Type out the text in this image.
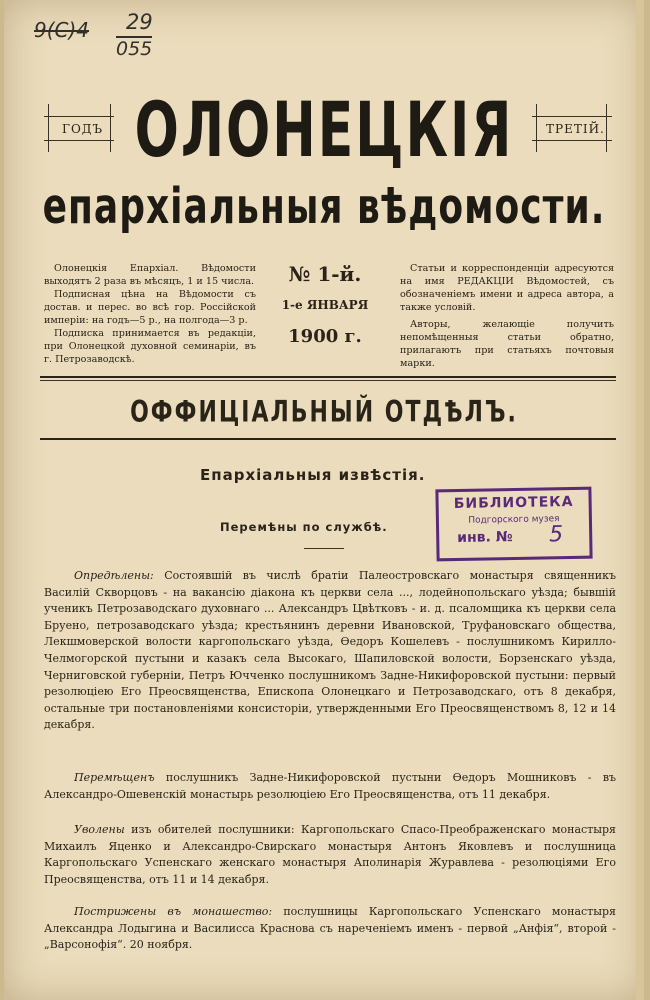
9(С)4 29
055
ГОДЪ	ТРЕТІЙ.
ОЛОНЕЦКІЯ
епархіальныя вѣдомости.

Олонецкія Епархіал. Вѣдомости выходятъ 2 раза въ мѣсяцъ, 1 и 15 числа.

Подписная цѣна на Вѣдомости съ достав. и перес. во всѣ гор. Россійской имперіи: на годъ—5 р., на полгода—3 р.

Подписка принимается въ редакціи, при Олонецкой духовной семинаріи, въ г. Петрозаводскѣ.

№ 1-й.
1-е ЯНВАРЯ
1900 г.

Статьи и корреспонденціи адресуются на имя РЕДАКЦІИ Вѣдомостей, съ обозначеніемъ имени и адреса автора, а также условій.

Авторы, желающіе получить непомѣщенныя статьи обратно, прилагаютъ при статьяхъ почтовыя марки.

ОФФИЦІАЛЬНЫЙ ОТДѢЛЪ.
Епархіальныя извѣстія.
Перемѣны по службѣ.
БИБЛИОТЕКА
Подгорского музея
инв. № 5

Опредѣлены: Состоявшій въ числѣ братіи Палеостровскаго монастыря священникъ Василій Скворцовъ - на вакансію діакона къ церкви села ..., лодейнопольскаго уѣзда; бывшій ученикъ Петрозаводскаго духовнаго ... Александръ Цвѣтковъ - и. д. псаломщика къ церкви села Бруено, петрозаводскаго уѣзда; крестьянинъ деревни Ивановской, Труфановскаго общества, Лекшмоверской волости каргопольскаго уѣзда, Өедоръ Кошелевъ - послушникомъ Кирилло-Челмогорской пустыни и казакъ села Высокаго, Шапиловской волости, Борзенскаго уѣзда, Черниговской губерніи, Петръ Ючченко послушникомъ Задне-Никифоровской пустыни: первый резолюціею Его Преосвященства, Епископа Олонецкаго и Петрозаводскаго, отъ 8 декабря, остальные три постановленіями консисторіи, утвержденными Его Преосвященствомъ 8, 12 и 14 декабря.

Перемѣщенъ послушникъ Задне-Никифоровской пустыни Өедоръ Мошниковъ - въ Александро-Ошевенскій монастырь резолюціею Его Преосвященства, отъ 11 декабря.

Уволены изъ обителей послушники: Каргопольскаго Спасо-Преображенскаго монастыря Михаилъ Яценко и Александро-Свирскаго монастыря Антонъ Яковлевъ и послушница Каргопольскаго Успенскаго женскаго монастыря Аполинарія Журавлева - резолюціями Его Преосвященства, отъ 11 и 14 декабря.

Пострижены въ монашество: послушницы Каргопольскаго Успенскаго монастыря Александра Лодыгина и Василисса Краснова съ нареченіемъ именъ - первой „Анфія“, второй - „Варсонофія“. 20 ноября.
